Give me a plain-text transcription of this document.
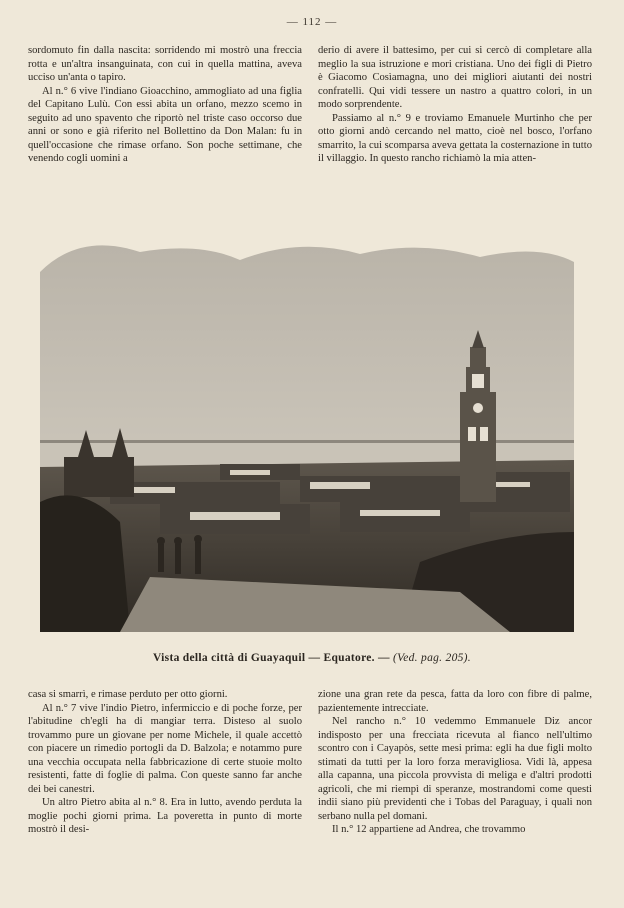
— 112 —

sordomuto fin dalla nascita: sorridendo mi mostrò una freccia rotta e un'altra insanguinata, con cui in quella mattina, aveva ucciso un'anta o tapiro.

Al n.° 6 vive l'indiano Gioacchino, ammogliato ad una figlia del Capitano Lulù. Con essi abita un orfano, mezzo scemo in seguito ad uno spavento che riportò nel triste caso occorso due anni or sono e già riferito nel Bollettino da Don Malan: fu in quell'occasione che rimase orfano. Son poche settimane, che venendo cogli uomini a

derio di avere il battesimo, per cui si cercò di completare alla meglio la sua istruzione e mori cristiana. Uno dei figli di Pietro è Giacomo Cosìamagna, uno dei migliori aiutanti dei nostri confratelli. Qui vidi tessere un nastro a quattro colori, in un modo sorprendente.

Passiamo al n.° 9 e troviamo Emanuele Murtinho che per otto giorni andò cercando nel matto, cioè nel bosco, l'orfano smarrito, la cui scomparsa aveva gettata la costernazione in tutto il villaggio. In questo rancho richiamò la mia atten-

Vista della città di Guayaquil — Equatore. — (Ved. pag. 205).

casa si smarrì, e rimase perduto per otto giorni.

Al n.° 7 vive l'indio Pietro, infermiccio e di poche forze, per l'abitudine ch'egli ha di mangiar terra. Disteso al suolo trovammo pure un giovane per nome Michele, il quale accettò con piacere un rimedio portogli da D. Balzola; e notammo pure una vecchia occupata nella fabbricazione di certe stuoie molto resistenti, fatte di foglie di palma. Con queste sanno far anche dei bei canestri.

Un altro Pietro abita al n.° 8. Era in lutto, avendo perduta la moglie pochi giorni prima. La poveretta in punto di morte mostrò il desi-

zione una gran rete da pesca, fatta da loro con fibre di palme, pazientemente intrecciate.

Nel rancho n.° 10 vedemmo Emmanuele Diz ancor indisposto per una frecciata ricevuta al fianco nell'ultimo scontro con i Cayapòs, sette mesi prima: egli ha due figli molto stimati da tutti per la loro forza meravigliosa. Vidi là, appesa alla capanna, una piccola provvista di meliga e d'altri prodotti agricoli, che mi riempì di speranze, mostrandomi come questi indii siano più previdenti che i Tobas del Paraguay, i quali non serbano nulla pel domani.

Il n.° 12 appartiene ad Andrea, che trovammo
